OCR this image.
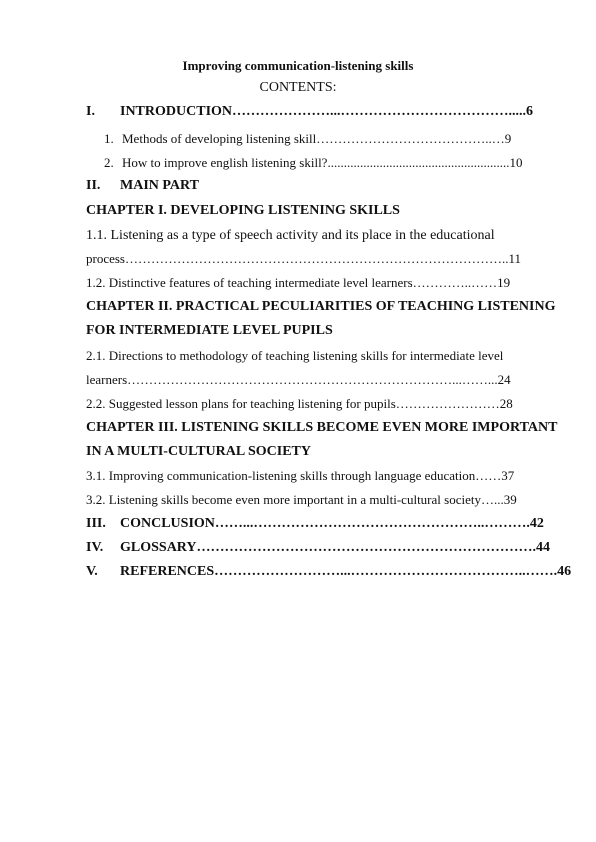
Improving communication-listening skills
CONTENTS:
I. INTRODUCTION…………………...……………………………….....6
1. Methods of developing listening skill…………………………………..…9
2. How to improve english listening skill?........................................................10
II. MAIN PART
CHAPTER I. DEVELOPING LISTENING SKILLS
1.1. Listening as a type of speech activity and its place in the educational
process……………………………………………………………………………..11
1.2. Distinctive features of teaching intermediate level learners…………..……19
CHAPTER II. PRACTICAL PECULIARITIES OF TEACHING LISTENING
FOR INTERMEDIATE LEVEL PUPILS
2.1. Directions to methodology of teaching listening skills for intermediate level
learners…………………………………………………………………...……...24
2.2. Suggested lesson plans for teaching listening for pupils……………………28
CHAPTER III. LISTENING SKILLS BECOME EVEN MORE IMPORTANT
IN A MULTI-CULTURAL SOCIETY
3.1. Improving communication-listening skills through language education……37
3.2. Listening skills become even more important in a multi-cultural society…...39
III. CONCLUSION……...…………………………………………..……….42
IV. GLOSSARY……………………………………………………………….44
V. REFERENCES………………………...………………………………..…….46
